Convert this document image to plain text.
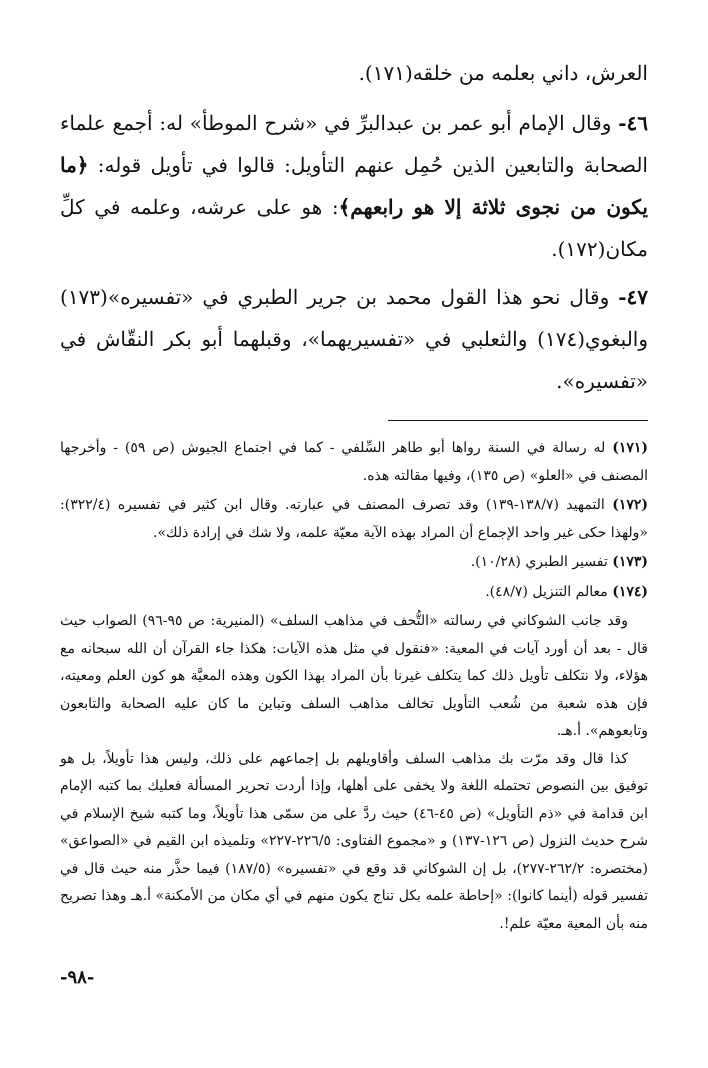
العرش، داني بعلمه من خلقه(١٧١).

٤٦- وقال الإمام أبو عمر بن عبدالبرِّ في «شرح الموطأ» له: أجمع علماء الصحابة والتابعين الذين حُمِل عنهم التأويل: قالوا في تأويل قوله: ﴿ما يكون من نجوى ثلاثة إلا هو رابعهم﴾: هو على عرشه، وعلمه في كلِّ مكان(١٧٢).

٤٧- وقال نحو هذا القول محمد بن جرير الطبري في «تفسيره»(١٧٣) والبغوي(١٧٤) والثعلبي في «تفسيريهما»، وقبلهما أبو بكر النقّاش في «تفسيره».

(١٧١) له رسالة في السنة رواها أبو طاهر السِّلفي - كما في اجتماع الجيوش (ص ٥٩) - وأخرجها المصنف في «العلو» (ص ١٣٥)، وفيها مقالته هذه.

(١٧٢) التمهيد (١٣٨/٧-١٣٩) وقد تصرف المصنف في عبارته. وقال ابن كثير في تفسيره (٣٢٢/٤): «ولهذا حكى غير واحد الإجماع أن المراد بهذه الآية معيّة علمه، ولا شك في إرادة ذلك».

(١٧٣) تفسير الطبري (١٠/٢٨).

(١٧٤) معالم التنزيل (٤٨/٧).

وقد جانب الشوكاني في رسالته «التُّحف في مذاهب السلف» (المنيرية: ص ٩٥-٩٦) الصواب حيث قال - بعد أن أورد آيات في المعية: «فنقول في مثل هذه الآيات: هكذا جاء القرآن أن الله سبحانه مع هؤلاء، ولا نتكلف تأويل ذلك كما يتكلف غيرنا بأن المراد بهذا الكون وهذه المعيَّة هو كون العلم ومعيته، فإن هذه شعبة من شُعب التأويل تخالف مذاهب السلف وتباين ما كان عليه الصحابة والتابعون وتابعوهم». أ.هـ.

كذا قال وقد مرّت بك مذاهب السلف وأقاويلهم بل إجماعهم على ذلك، وليس هذا تأويلاً، بل هو توفيق بين النصوص تحتمله اللغة ولا يخفى على أهلها، وإذا أردت تحرير المسألة فعليك بما كتبه الإمام ابن قدامة في «ذم التأويل» (ص ٤٥-٤٦) حيث ردَّ على من سمّى هذا تأويلاً، وما كتبه شيخ الإسلام في شرح حديث النزول (ص ١٢٦-١٣٧) و «مجموع الفتاوى: ٢٢٦/٥-٢٢٧» وتلميذه ابن القيم في «الصواعق» (مختصره: ٢٦٢/٢-٢٧٧)، بل إن الشوكاني قد وقع في «تفسيره» (١٨٧/٥) فيما حذَّر منه حيث قال في تفسير قوله (أينما كانوا): «إحاطة علمه بكل تناج يكون منهم في أي مكان من الأمكنة» أ.هـ وهذا تصريح منه بأن المعية معيّة علم!.

-٩٨-
